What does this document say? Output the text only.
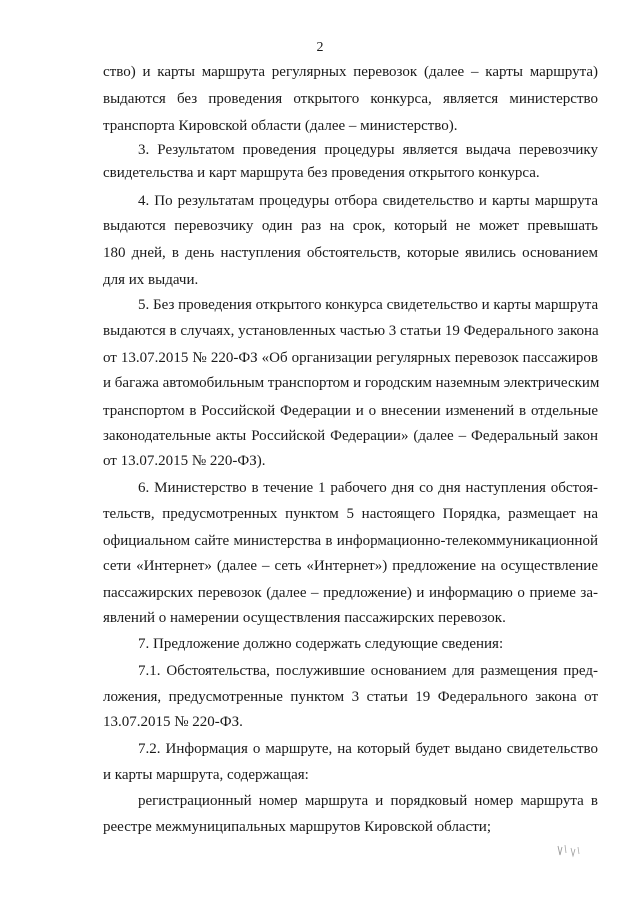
2
ство) и карты маршрута регулярных перевозок (далее – карты маршрута)
выдаются без проведения открытого конкурса, является министерство
транспорта Кировской области (далее – министерство).
3. Результатом проведения процедуры является выдача перевозчику
свидетельства и карт маршрута без проведения открытого конкурса.
4. По результатам процедуры отбора свидетельство и карты маршрута
выдаются перевозчику один раз на срок, который не может превышать
180 дней, в день наступления обстоятельств, которые явились основанием
для их выдачи.
5. Без проведения открытого конкурса свидетельство и карты маршрута
выдаются в случаях, установленных частью 3 статьи 19 Федерального закона
от 13.07.2015 № 220-ФЗ «Об организации регулярных перевозок пассажиров
и багажа автомобильным транспортом и городским наземным электрическим
транспортом в Российской Федерации и о внесении изменений в отдельные
законодательные акты Российской Федерации» (далее – Федеральный закон
от 13.07.2015 № 220-ФЗ).
6. Министерство в течение 1 рабочего дня со дня наступления обстоя-
тельств, предусмотренных пунктом 5 настоящего Порядка, размещает на
официальном сайте министерства в информационно-телекоммуникационной
сети «Интернет» (далее – сеть «Интернет») предложение на осуществление
пассажирских перевозок (далее – предложение) и информацию о приеме за-
явлений о намерении осуществления пассажирских перевозок.
7. Предложение должно содержать следующие сведения:
7.1. Обстоятельства, послужившие основанием для размещения пред-
ложения, предусмотренные пунктом 3 статьи 19 Федерального закона от
13.07.2015 № 220-ФЗ.
7.2. Информация о маршруте, на который будет выдано свидетельство
и карты маршрута, содержащая:
регистрационный номер маршрута и порядковый номер маршрута в
реестре межмуниципальных маршрутов Кировской области;
